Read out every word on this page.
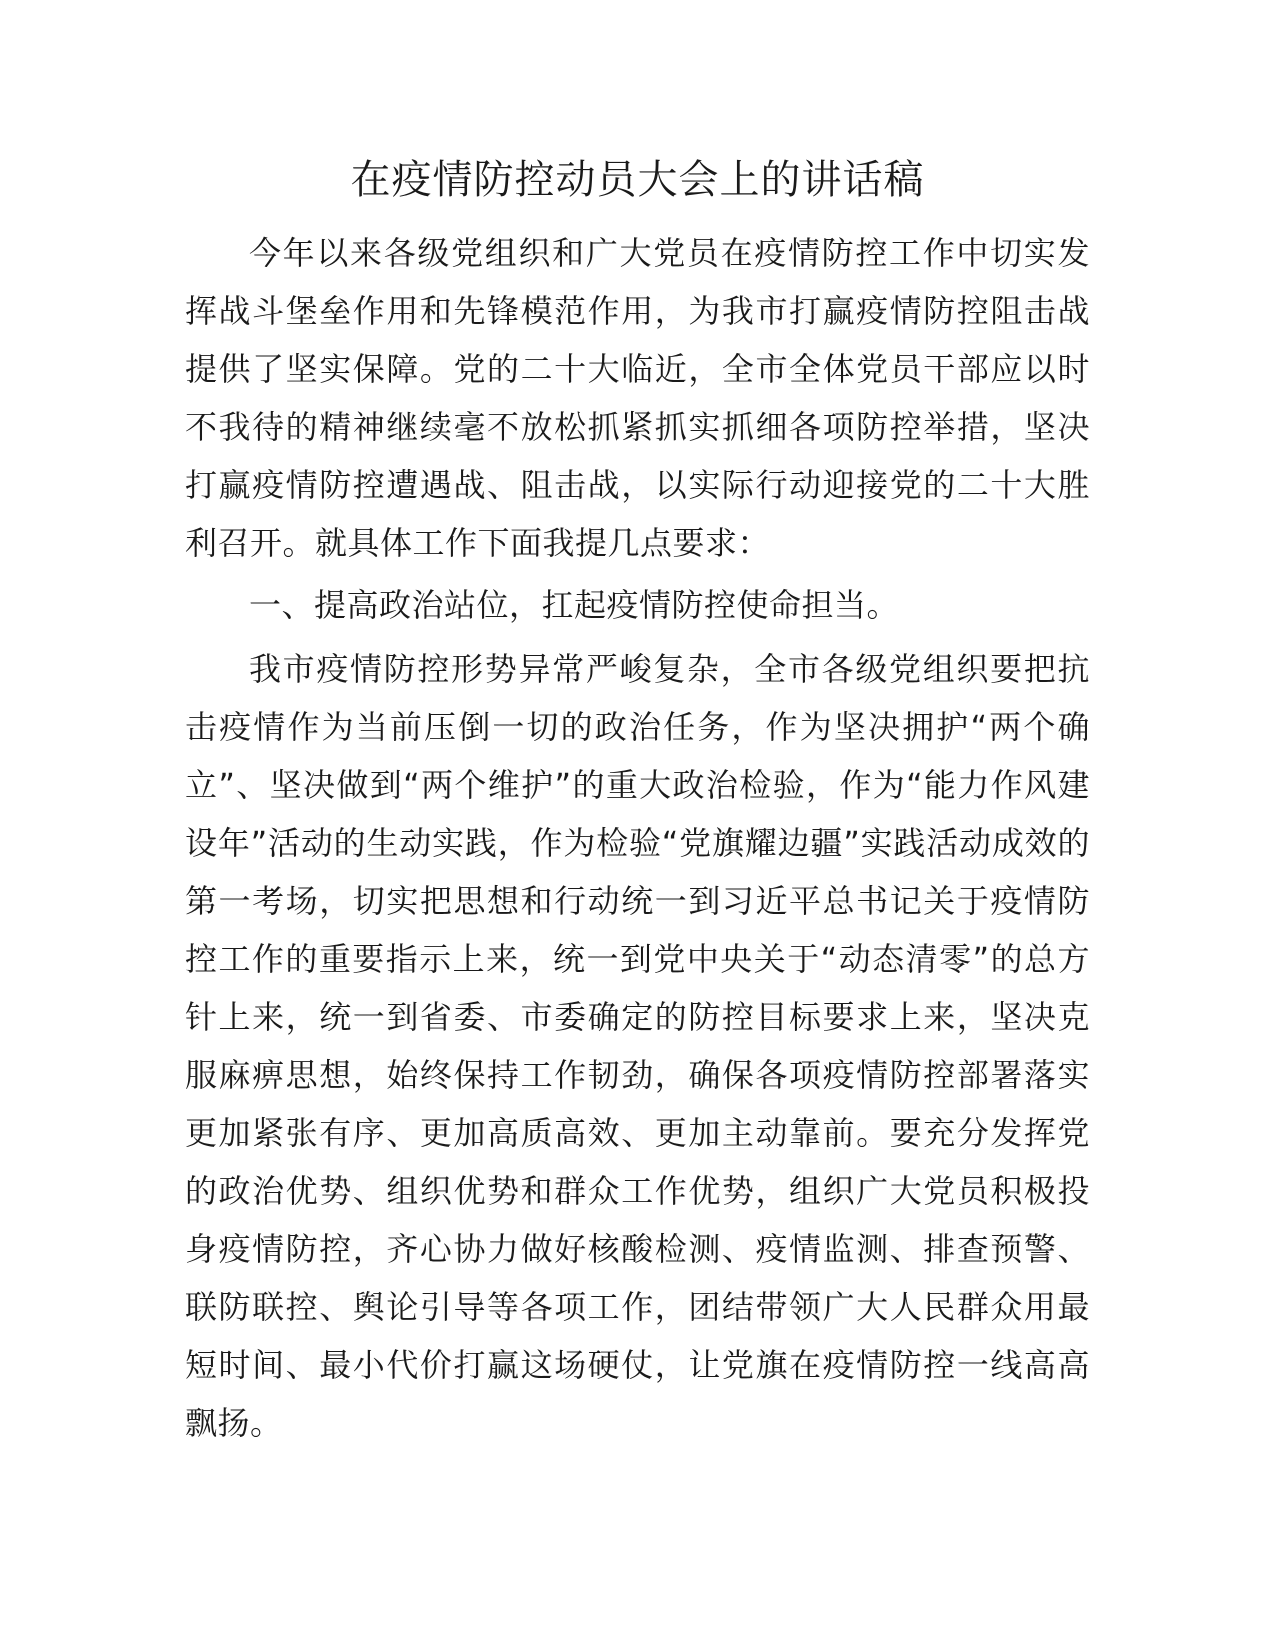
在疫情防控动员大会上的讲话稿

今年以来各级党组织和广大党员在疫情防控工作中切实发挥战斗堡垒作用和先锋模范作用，为我市打赢疫情防控阻击战提供了坚实保障。党的二十大临近，全市全体党员干部应以时不我待的精神继续毫不放松抓紧抓实抓细各项防控举措，坚决打赢疫情防控遭遇战、阻击战，以实际行动迎接党的二十大胜利召开。就具体工作下面我提几点要求：

一、提高政治站位，扛起疫情防控使命担当。

我市疫情防控形势异常严峻复杂，全市各级党组织要把抗击疫情作为当前压倒一切的政治任务，作为坚决拥护“两个确立”、坚决做到“两个维护”的重大政治检验，作为“能力作风建设年”活动的生动实践，作为检验“党旗耀边疆”实践活动成效的第一考场，切实把思想和行动统一到习近平总书记关于疫情防控工作的重要指示上来，统一到党中央关于“动态清零”的总方针上来，统一到省委、市委确定的防控目标要求上来，坚决克服麻痹思想，始终保持工作韧劲，确保各项疫情防控部署落实更加紧张有序、更加高质高效、更加主动靠前。要充分发挥党的政治优势、组织优势和群众工作优势，组织广大党员积极投身疫情防控，齐心协力做好核酸检测、疫情监测、排查预警、联防联控、舆论引导等各项工作，团结带领广大人民群众用最短时间、最小代价打赢这场硬仗，让党旗在疫情防控一线高高飘扬。
